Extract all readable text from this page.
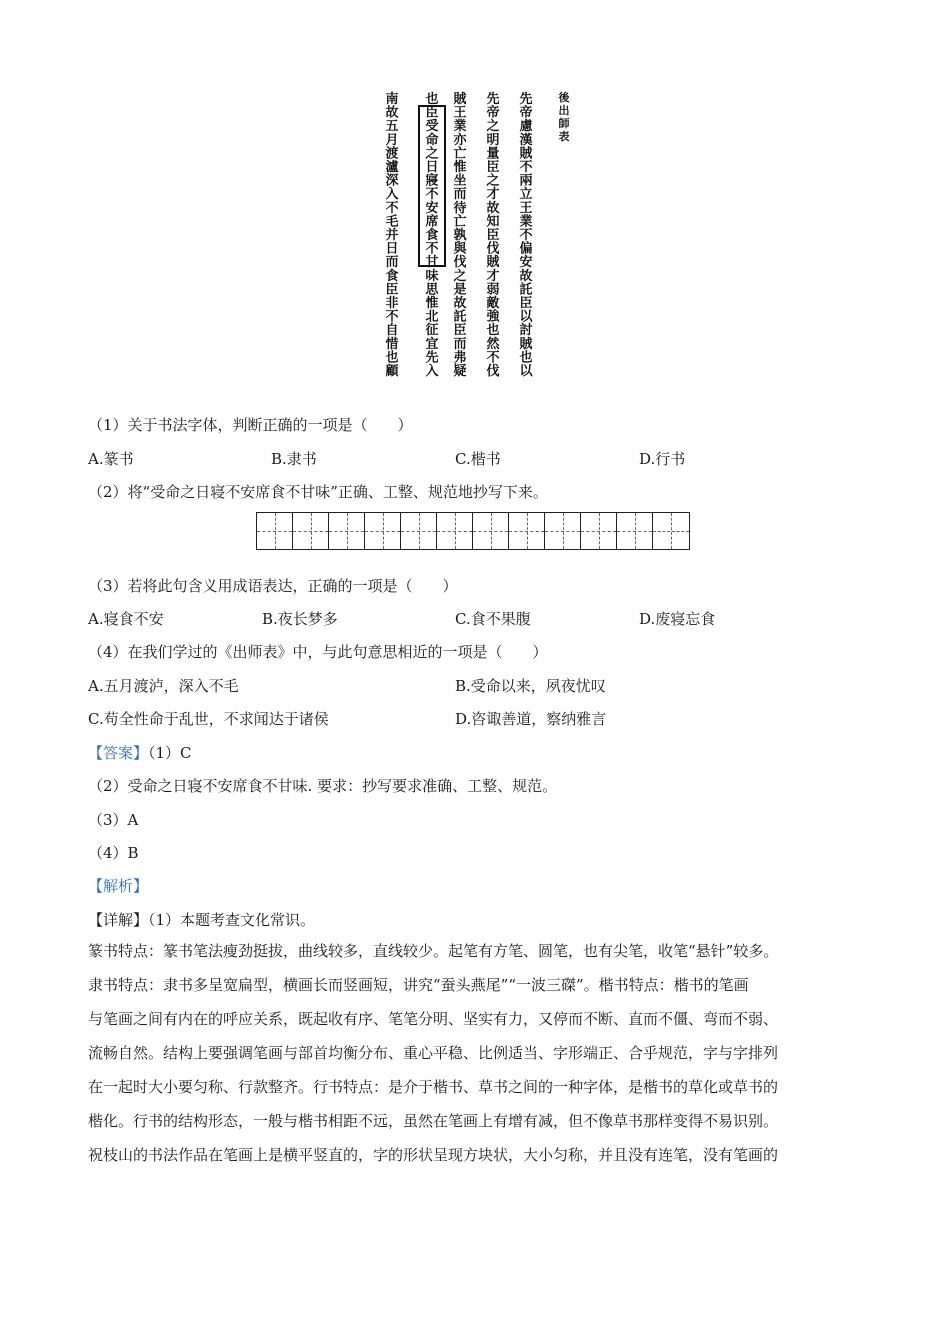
後出師表
先帝慮漢賊不兩立王業不偏安故託臣以討賊也以
先帝之明量臣之才故知臣伐賊才弱敵強也然不伐
賊王業亦亡惟坐而待亡孰與伐之是故託臣而弗疑
也臣受命之日寢不安席食不甘味思惟北征宜先入
南故五月渡瀘深入不毛并日而食臣非不自惜也顧
（1）关于书法字体，判断正确的一项是（　　）
A.篆书	B.隶书	C.楷书	D.行书
（2）将“受命之日寝不安席食不甘味”正确、工整、规范地抄写下来。
（3）若将此句含义用成语表达，正确的一项是（　　）
A.寝食不安	B.夜长梦多	C.食不果腹	D.废寝忘食
（4）在我们学过的《出师表》中，与此句意思相近的一项是（　　）
A.五月渡泸，深入不毛	B.受命以来，夙夜忧叹
C.苟全性命于乱世，不求闻达于诸侯	D.咨诹善道，察纳雅言
【答案】（1）C
（2）受命之日寝不安席食不甘味. 要求：抄写要求准确、工整、规范。
（3）A
（4）B
【解析】
【详解】（1）本题考查文化常识。
篆书特点：篆书笔法瘦劲挺拔，曲线较多，直线较少。起笔有方笔、圆笔，也有尖笔，收笔“悬针”较多。
隶书特点：隶书多呈宽扁型，横画长而竖画短，讲究“蚕头燕尾”“一波三磔”。楷书特点：楷书的笔画
与笔画之间有内在的呼应关系，既起收有序、笔笔分明、坚实有力，又停而不断、直而不僵、弯而不弱、
流畅自然。结构上要强调笔画与部首均衡分布、重心平稳、比例适当、字形端正、合乎规范，字与字排列
在一起时大小要匀称、行款整齐。行书特点：是介于楷书、草书之间的一种字体，是楷书的草化或草书的
楷化。行书的结构形态，一般与楷书相距不远，虽然在笔画上有增有减，但不像草书那样变得不易识别。
祝枝山的书法作品在笔画上是横平竖直的，字的形状呈现方块状，大小匀称，并且没有连笔，没有笔画的
